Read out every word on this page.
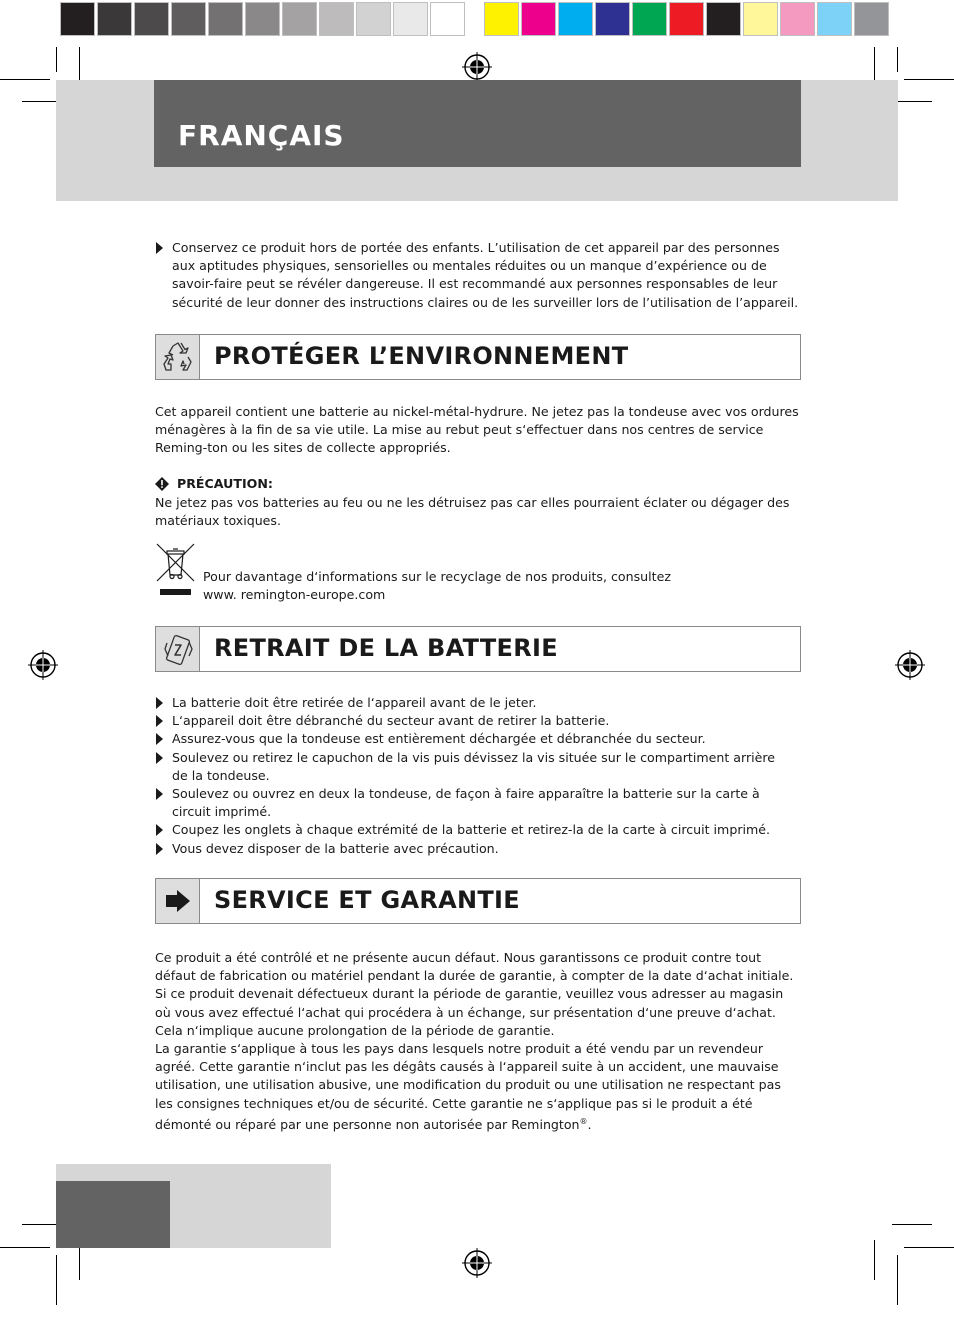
FRANÇAIS
Conservez ce produit hors de portée des enfants. L’utilisation de cet appareil par des personnes aux aptitudes physiques, sensorielles ou mentales réduites ou un manque d’expérience ou de savoir-faire peut se révéler dangereuse. Il est recommandé aux personnes responsables de leur sécurité de leur donner des instructions claires ou de les surveiller lors de l’utilisation de l’appareil.
PROTÉGER L’ENVIRONNEMENT

Cet appareil contient une batterie au nickel-métal-hydrure. Ne jetez pas la tondeuse avec vos ordures ménagères à la fin de sa vie utile. La mise au rebut peut s‘effectuer dans nos centres de service Reming-ton ou les sites de collecte appropriés.

PRÉCAUTION:

Ne jetez pas vos batteries au feu ou ne les détruisez pas car elles pourraient éclater ou dégager des matériaux toxiques.

Pour davantage d‘informations sur le recyclage de nos produits, consultez
www. remington-europe.com

RETRAIT DE LA BATTERIE
La batterie doit être retirée de l‘appareil avant de le jeter.
L‘appareil doit être débranché du secteur avant de retirer la batterie.
Assurez-vous que la tondeuse est entièrement déchargée et débranchée du secteur.
Soulevez ou retirez le capuchon de la vis puis dévissez la vis située sur le compartiment arrière de la tondeuse.
Soulevez ou ouvrez en deux la tondeuse, de façon à faire apparaître la batterie sur la carte à circuit imprimé.
Coupez les onglets à chaque extrémité de la batterie et retirez-la de la carte à circuit imprimé.
Vous devez disposer de la batterie avec précaution.
SERVICE ET GARANTIE

Ce produit a été contrôlé et ne présente aucun défaut. Nous garantissons ce produit contre tout défaut de fabrication ou matériel pendant la durée de garantie, à compter de la date d‘achat initiale. Si ce produit devenait défectueux durant la période de garantie, veuillez vous adresser au magasin où vous avez effectué l‘achat qui procédera à un échange, sur présentation d‘une preuve d‘achat. Cela n‘implique aucune prolongation de la période de garantie.

La garantie s‘applique à tous les pays dans lesquels notre produit a été vendu par un revendeur agréé. Cette garantie n‘inclut pas les dégâts causés à l‘appareil suite à un accident, une mauvaise utilisation, une utilisation abusive, une modification du produit ou une utilisation ne respectant pas les consignes techniques et/ou de sécurité. Cette garantie ne s‘applique pas si le produit a été démonté ou réparé par une personne non autorisée par Remington®.
